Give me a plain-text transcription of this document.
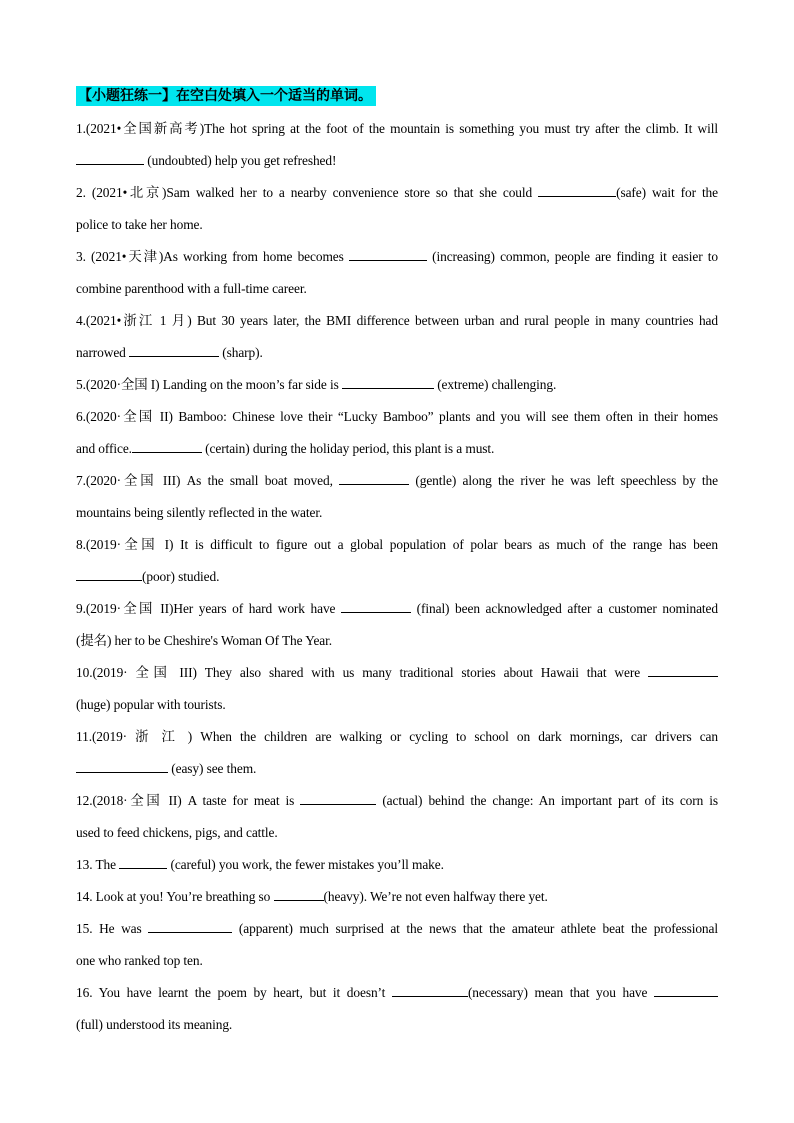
【小题狂练一】在空白处填入一个适当的单词。
1.(2021•全国新高考)The hot spring at the foot of the mountain is something you must try after the climb. It will
(undoubted) help you get refreshed!
2. (2021•北京)Sam walked her to a nearby convenience store so that she could	(safe) wait for the
police to take her home.
3. (2021•天津)As working from home becomes	(increasing) common, people are finding it easier to
combine parenthood with a full-time career.
4.(2021•浙江 1 月) But 30 years later, the BMI difference between urban and rural people in many countries had
narrowed	(sharp).
5.(2020·全国 I) Landing on the moon’s far side is	(extreme) challenging.
6.(2020·全国 II) Bamboo: Chinese love their “Lucky Bamboo” plants and you will see them often in their homes
and office.	(certain) during the holiday period, this plant is a must.
7.(2020·全国 III) As the small boat moved,	(gentle) along the river he was left speechless by the
mountains being silently reflected in the water.
8.(2019·全国 I) It is difficult to figure out a global population of polar bears as much of the range has been
(poor) studied.
9.(2019·全国 II)Her years of hard work have	(final) been acknowledged after a customer nominated
(提名) her to be Cheshire's Woman Of The Year.
10.(2019· 全国 III) They also shared with us many traditional stories about Hawaii that were
(huge) popular with tourists.
11.(2019· 浙 江 ) When the children are walking or cycling to school on dark mornings, car drivers can
(easy) see them.
12.(2018·全国 II) A taste for meat is	(actual) behind the change: An important part of its corn is
used to feed chickens, pigs, and cattle.
13. The	(careful) you work, the fewer mistakes you’ll make.
14. Look at you! You’re breathing so	(heavy). We’re not even halfway there yet.
15. He was	(apparent) much surprised at the news that the amateur athlete beat the professional
one who ranked top ten.
16. You have learnt the poem by heart, but it doesn’t	(necessary) mean that you have
(full) understood its meaning.
